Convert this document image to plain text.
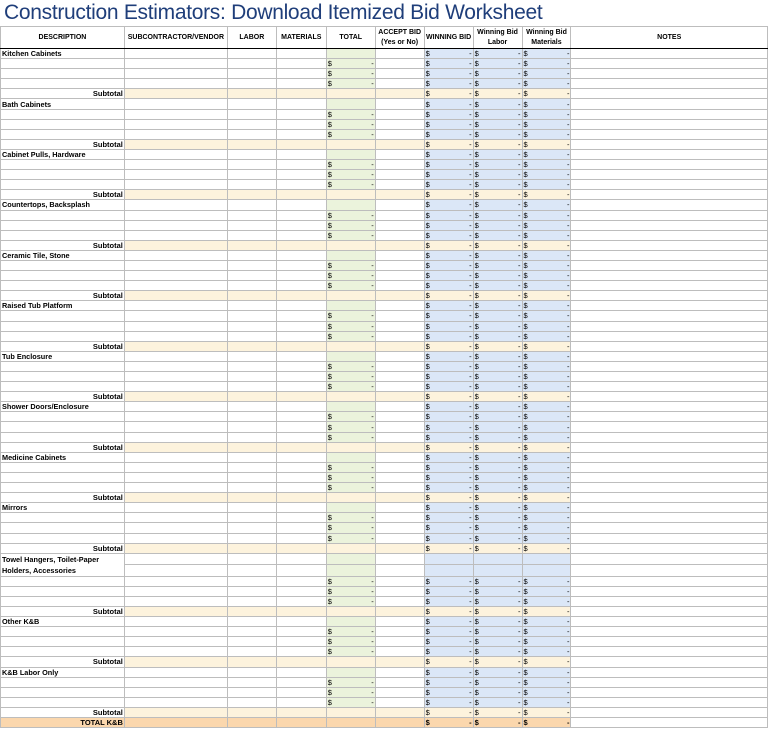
Construction Estimators: Download Itemized Bid Worksheet
DESCRIPTION	SUBCONTRACTOR/VENDOR	LABOR	MATERIALS	TOTAL	ACCEPT BID (Yes or No)	WINNING BID	Winning Bid Labor	Winning Bid Materials	NOTES
Kitchen Cabinets						$ -	$ -	$ -	

				$ -		$ -	$ -	$ -	

				$ -		$ -	$ -	$ -	

				$ -		$ -	$ -	$ -	

Subtotal						$ -	$ -	$ -	

Bath Cabinets						$ -	$ -	$ -	

				$ -		$ -	$ -	$ -	

				$ -		$ -	$ -	$ -	

				$ -		$ -	$ -	$ -	

Subtotal						$ -	$ -	$ -	

Cabinet Pulls, Hardware						$ -	$ -	$ -	

				$ -		$ -	$ -	$ -	

				$ -		$ -	$ -	$ -	

				$ -		$ -	$ -	$ -	

Subtotal						$ -	$ -	$ -	

Countertops, Backsplash						$ -	$ -	$ -	

				$ -		$ -	$ -	$ -	

				$ -		$ -	$ -	$ -	

				$ -		$ -	$ -	$ -	

Subtotal						$ -	$ -	$ -	

Ceramic Tile, Stone						$ -	$ -	$ -	

				$ -		$ -	$ -	$ -	

				$ -		$ -	$ -	$ -	

				$ -		$ -	$ -	$ -	

Subtotal						$ -	$ -	$ -	

Raised Tub Platform						$ -	$ -	$ -	

				$ -		$ -	$ -	$ -	

				$ -		$ -	$ -	$ -	

				$ -		$ -	$ -	$ -	

Subtotal						$ -	$ -	$ -	

Tub Enclosure						$ -	$ -	$ -	

				$ -		$ -	$ -	$ -	

				$ -		$ -	$ -	$ -	

				$ -		$ -	$ -	$ -	

Subtotal						$ -	$ -	$ -	

Shower Doors/Enclosure						$ -	$ -	$ -	

				$ -		$ -	$ -	$ -	

				$ -		$ -	$ -	$ -	

				$ -		$ -	$ -	$ -	

Subtotal						$ -	$ -	$ -	

Medicine Cabinets						$ -	$ -	$ -	

				$ -		$ -	$ -	$ -	

				$ -		$ -	$ -	$ -	

				$ -		$ -	$ -	$ -	

Subtotal						$ -	$ -	$ -	

Mirrors						$ -	$ -	$ -	

				$ -		$ -	$ -	$ -	

				$ -		$ -	$ -	$ -	

				$ -		$ -	$ -	$ -	

Subtotal						$ -	$ -	$ -	

Towel Hangers, Toilet-Paper Holders, Accessories									

				$ -		$ -	$ -	$ -	

				$ -		$ -	$ -	$ -	

				$ -		$ -	$ -	$ -	

Subtotal						$ -	$ -	$ -	

Other K&B						$ -	$ -	$ -	

				$ -		$ -	$ -	$ -	

				$ -		$ -	$ -	$ -	

				$ -		$ -	$ -	$ -	

Subtotal						$ -	$ -	$ -	

K&B Labor Only						$ -	$ -	$ -	

				$ -		$ -	$ -	$ -	

				$ -		$ -	$ -	$ -	

				$ -		$ -	$ -	$ -	

Subtotal						$ -	$ -	$ -	

TOTAL K&B						$ -	$ -	$ -	
